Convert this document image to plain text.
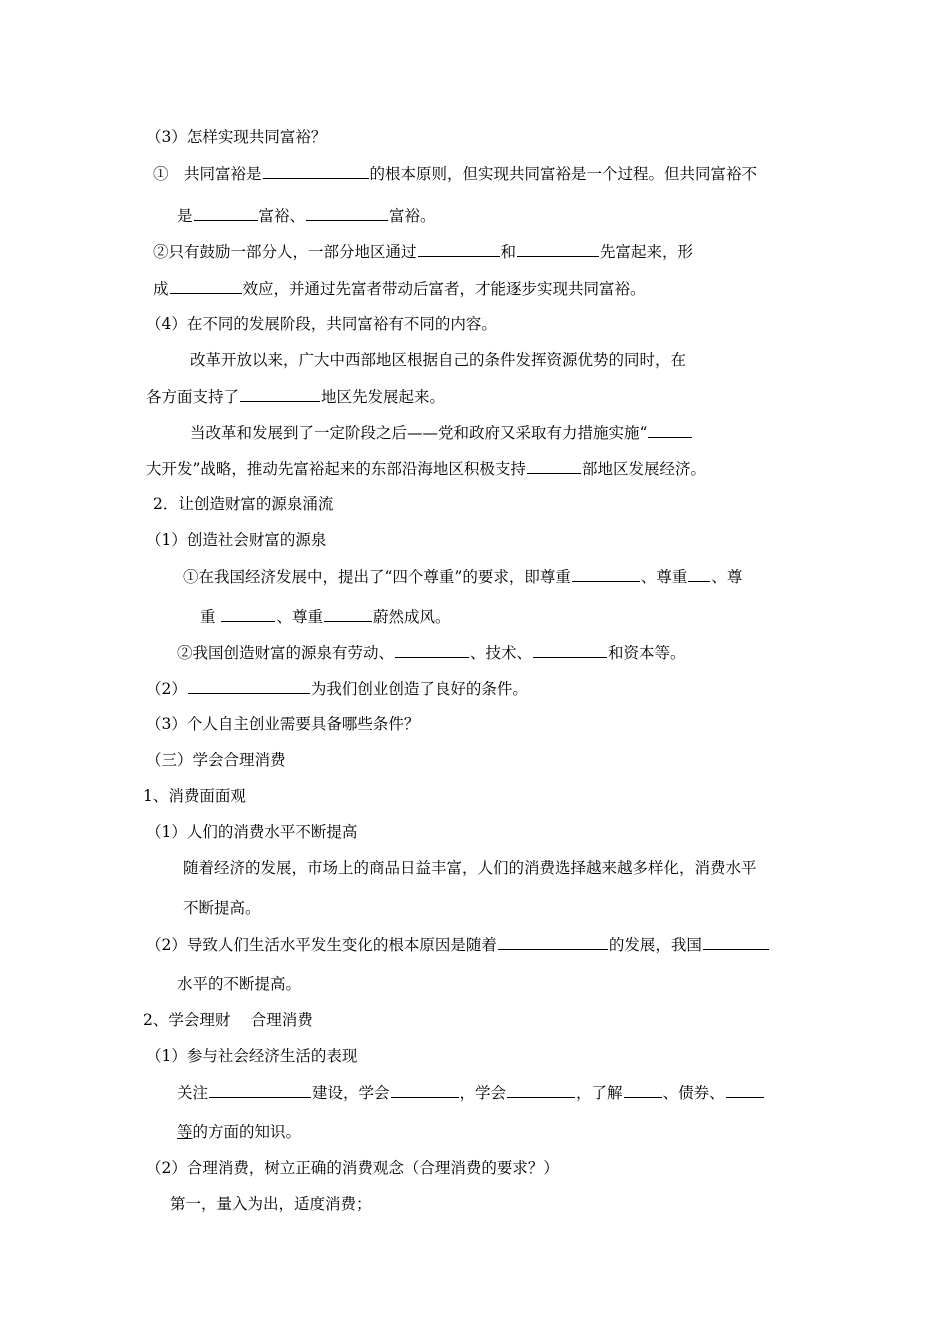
（3）怎样实现共同富裕？
①　共同富裕是	的根本原则，但实现共同富裕是一个过程。但共同富裕不
是	富裕、	富裕。
②只有鼓励一部分人，一部分地区通过	和	先富起来，形
成	效应，并通过先富者带动后富者，才能逐步实现共同富裕。
（4）在不同的发展阶段，共同富裕有不同的内容。
改革开放以来，广大中西部地区根据自己的条件发挥资源优势的同时，在
各方面支持了	地区先发展起来。
当改革和发展到了一定阶段之后——党和政府又采取有力措施实施“
大开发”战略，推动先富裕起来的东部沿海地区积极支持	部地区发展经济。
2．让创造财富的源泉涌流
（1）创造社会财富的源泉
①在我国经济发展中，提出了“四个尊重”的要求，即尊重	、尊重 、尊
重	、尊重	蔚然成风。
②我国创造财富的源泉有劳动、	、技术、	和资本等。
（2）	为我们创业创造了良好的条件。
（3）个人自主创业需要具备哪些条件？
（三）学会合理消费
1、消费面面观
（1）人们的消费水平不断提高
随着经济的发展，市场上的商品日益丰富，人们的消费选择越来越多样化，消费水平
不断提高。
（2）导致人们生活水平发生变化的根本原因是随着	的发展，我国
水平的不断提高。
2、学会理财　 合理消费
（1）参与社会经济生活的表现
关注	建设，学会	，学会	，了解	、债券、
等的方面的知识。
（2）合理消费，树立正确的消费观念（合理消费的要求？）
第一，量入为出，适度消费；
